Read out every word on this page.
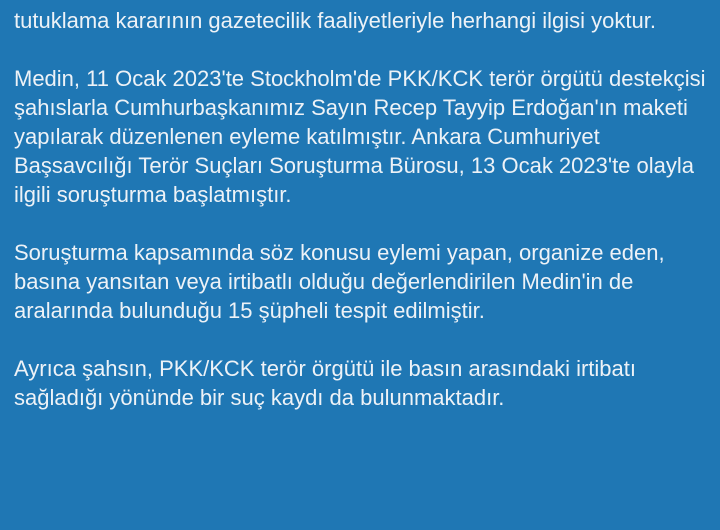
tutuklama kararının gazetecilik faaliyetleriyle herhangi ilgisi yoktur.

Medin, 11 Ocak 2023'te Stockholm'de PKK/KCK terör örgütü destekçisi şahıslarla Cumhurbaşkanımız Sayın Recep Tayyip Erdoğan'ın maketi yapılarak düzenlenen eyleme katılmıştır. Ankara Cumhuriyet Başsavcılığı Terör Suçları Soruşturma Bürosu, 13 Ocak 2023'te olayla ilgili soruşturma başlatmıştır.

Soruşturma kapsamında söz konusu eylemi yapan, organize eden, basına yansıtan veya irtibatlı olduğu değerlendirilen Medin'in de aralarında bulunduğu 15 şüpheli tespit edilmiştir.

Ayrıca şahsın, PKK/KCK terör örgütü ile basın arasındaki irtibatı sağladığı yönünde bir suç kaydı da bulunmaktadır.
